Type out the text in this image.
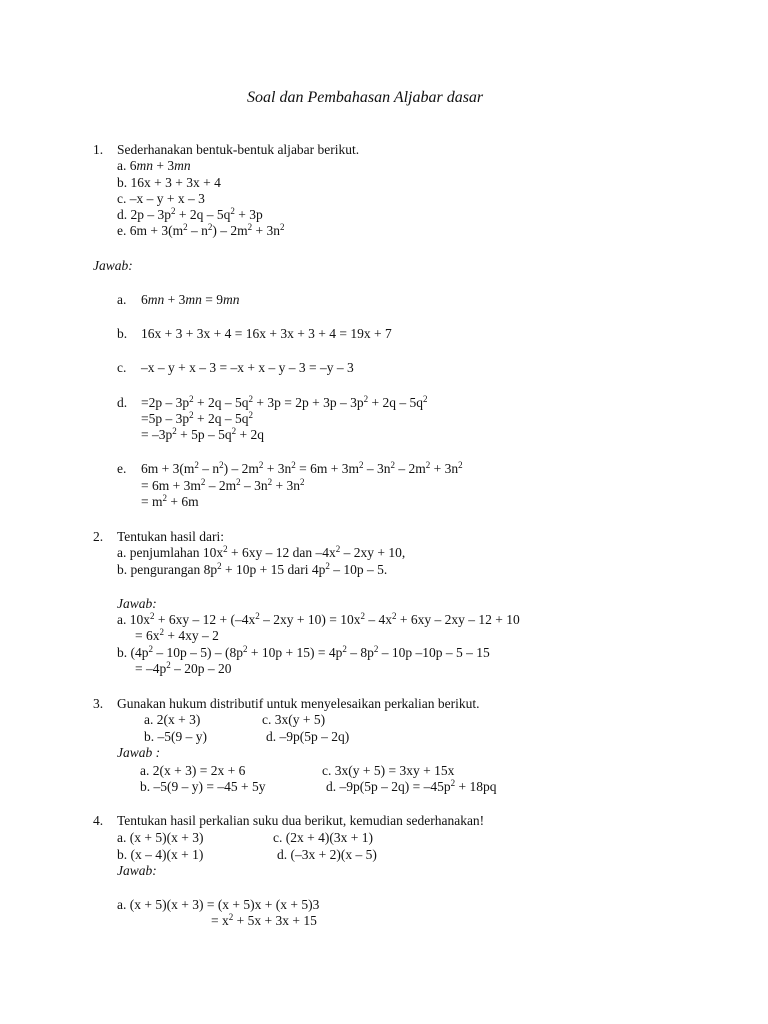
Soal dan Pembahasan Aljabar dasar
1. Sederhanakan bentuk-bentuk aljabar berikut.
a. 6mn + 3mn
b. 16x + 3 + 3x + 4
c. –x – y + x – 3
d. $2p - 3p^2 + 2q - 5q^2 + 3p$
e. $6m + 3(m^2 - n^2) - 2m^2 + 3n^2$
Jawab:
a. 6mn + 3mn = 9mn
b. 16x + 3 + 3x + 4 = 16x + 3x + 3 + 4 = 19x + 7
c. –x – y + x – 3 = –x + x – y – 3 = –y – 3
d. $=2p - 3p^2 + 2q - 5q^2 + 3p = 2p + 3p - 3p^2 + 2q - 5q^2$
$=5p - 3p^2 + 2q - 5q^2$
= $-3p^2 + 5p - 5q^2 + 2q$
e. $6m + 3(m^2 - n^2) - 2m^2 + 3n^2 = 6m + 3m^2 - 3n^2 - 2m^2 + 3n^2$
= $6m + 3m^2 - 2m^2 - 3n^2 + 3n^2$
= $m^2 + 6m$
2. Tentukan hasil dari:
a. penjumlahan $10x^2 + 6xy - 12$ dan $-4x^2 - 2xy + 10$,
b. pengurangan $8p^2 + 10p + 15$ dari $4p^2 - 10p - 5$.
Jawab:
a. $10x^2 + 6xy - 12 + (-4x^2 - 2xy + 10) = 10x^2 - 4x^2 + 6xy - 2xy - 12 + 10$
= $6x^2 + 4xy - 2$
b. $(4p^2 - 10p - 5) - (8p^2 + 10p + 15) = 4p^2 - 8p^2 - 10p$ –10p – 5 – 15
= $-4p^2 - 20p - 20$
3. Gunakan hukum distributif untuk menyelesaikan perkalian berikut.
a. 2(x + 3)	c. 3x(y + 5)
b. –5(9 – y)	d. –9p(5p – 2q)
Jawab :
a. 2(x + 3) = 2x + 6	c. 3x(y + 5) = 3xy + 15x
b. –5(9 – y) = –45 + 5y	d. $-9p(5p - 2q) = -45p^2 + 18pq$
4. Tentukan hasil perkalian suku dua berikut, kemudian sederhanakan!
a. (x + 5)(x + 3)	c. (2x + 4)(3x + 1)
b. (x – 4)(x + 1)	d. (–3x + 2)(x – 5)
Jawab:
a. (x + 5)(x + 3) = (x + 5)x + (x + 5)3
= $x^2 + 5x + 3x + 15$
